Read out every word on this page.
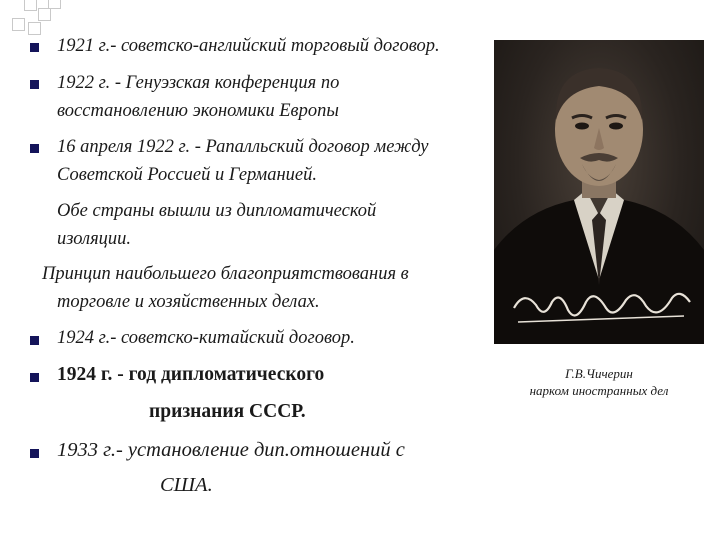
1921 г.- советско-английский торговый договор.
1922 г. - Генуэзская конференция по
восстановлению экономики Европы
16 апреля 1922 г. - Рапалльский договор между
Советской Россией и Германией.
Обе страны вышли из дипломатической
изоляции.
Принцип наибольшего благоприятствования в
торговле и хозяйственных делах.
1924 г.- советско-китайский договор.
1924 г. - год дипломатического
признания СССР.
1933 г.- установление дип.отношений с
США.
Г.В.Чичерин
нарком иностранных дел
